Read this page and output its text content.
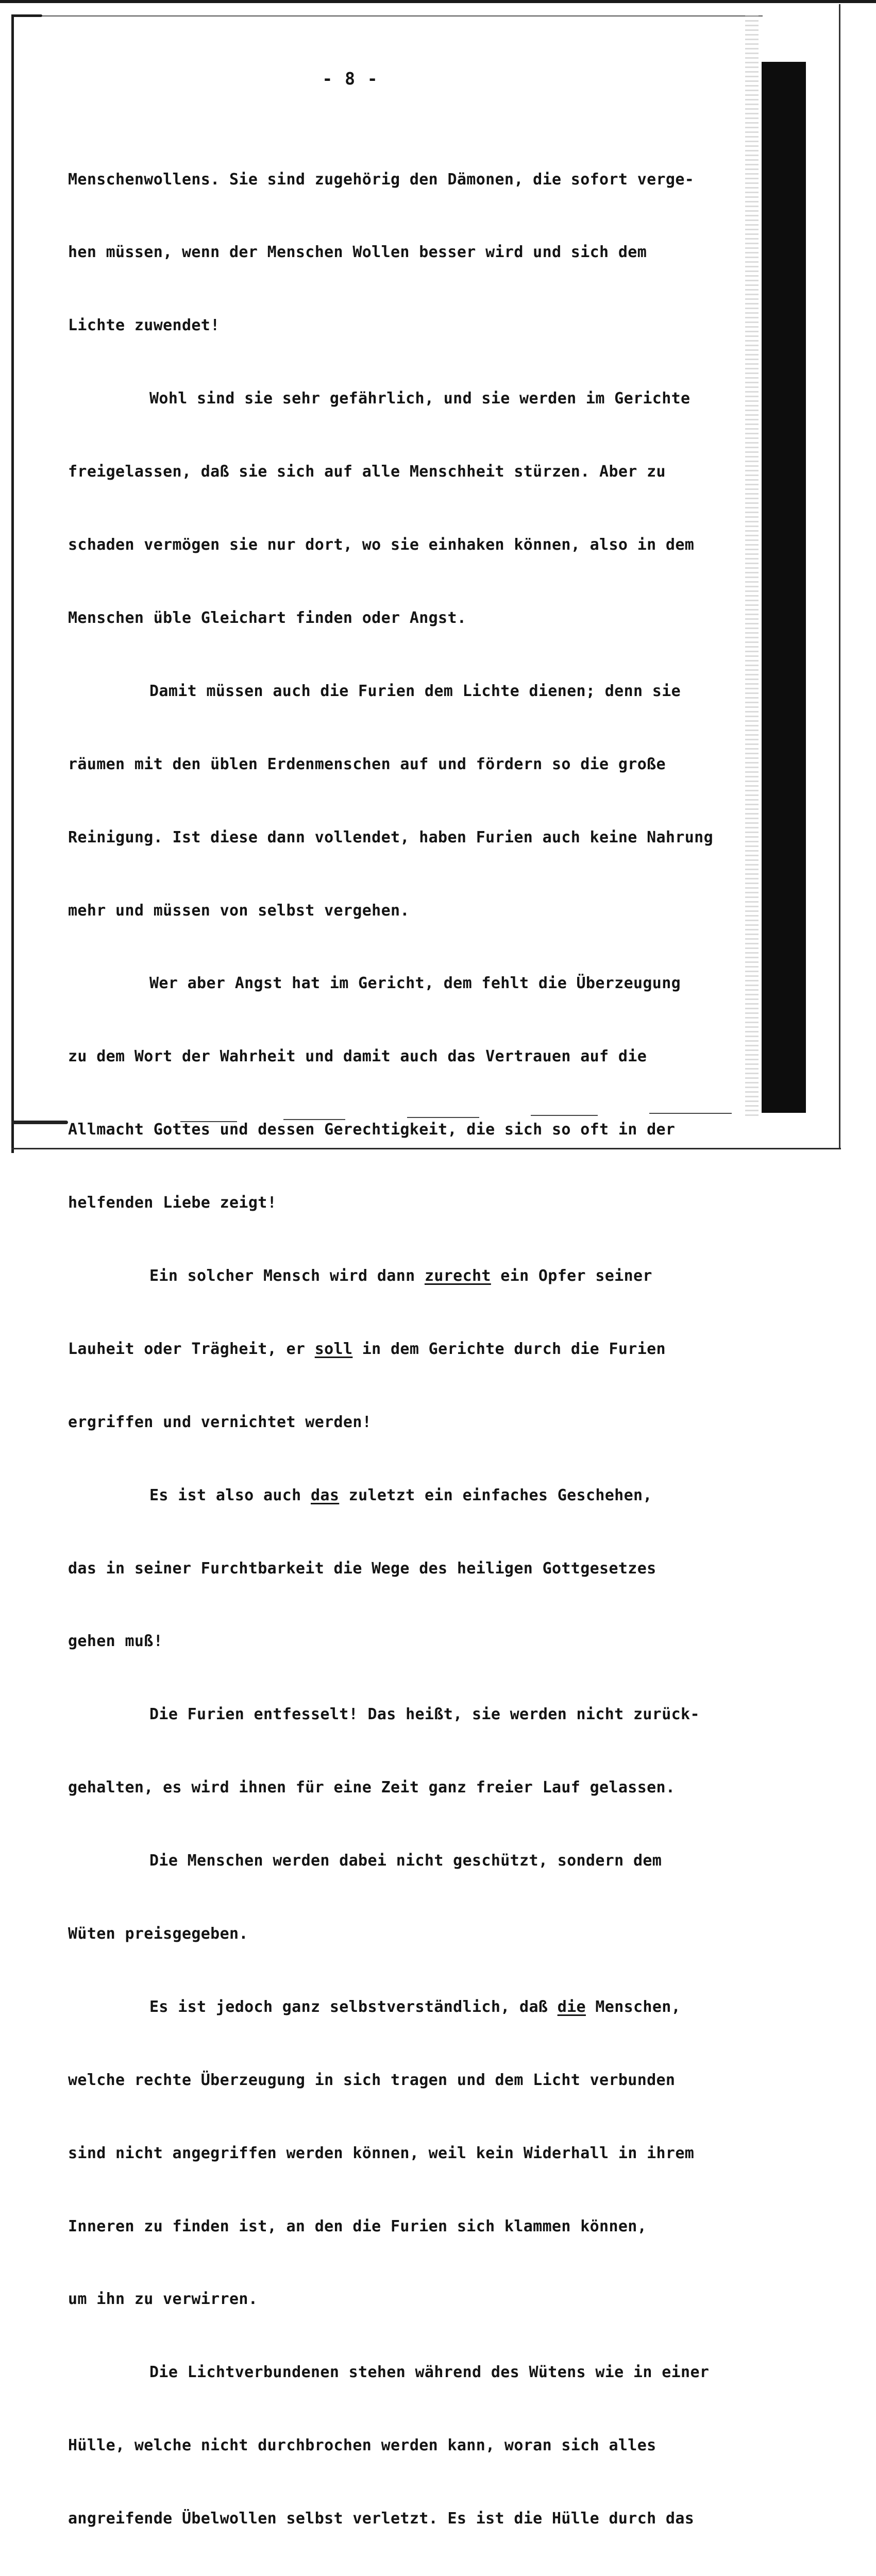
- 8 -

Menschenwollens. Sie sind zugehörig den Dämonen, die sofort verge-

hen müssen, wenn der Menschen Wollen besser wird und sich dem

Lichte zuwendet!

Wohl sind sie sehr gefährlich, und sie werden im Gerichte

freigelassen, daß sie sich auf alle Menschheit stürzen. Aber zu

schaden vermögen sie nur dort, wo sie einhaken können, also in dem

Menschen üble Gleichart finden oder Angst.

Damit müssen auch die Furien dem Lichte dienen; denn sie

räumen mit den üblen Erdenmenschen auf und fördern so die große

Reinigung. Ist diese dann vollendet, haben Furien auch keine Nahrung

mehr und müssen von selbst vergehen.

Wer aber Angst hat im Gericht, dem fehlt die Überzeugung

zu dem Wort der Wahrheit und damit auch das Vertrauen auf die

Allmacht Gottes und dessen Gerechtigkeit, die sich so oft in der

helfenden Liebe zeigt!

Ein solcher Mensch wird dann zurecht ein Opfer seiner

Lauheit oder Trägheit, er soll in dem Gerichte durch die Furien

ergriffen und vernichtet werden!

Es ist also auch das zuletzt ein einfaches Geschehen,

das in seiner Furchtbarkeit die Wege des heiligen Gottgesetzes

gehen muß!

Die Furien entfesselt! Das heißt, sie werden nicht zurück-

gehalten, es wird ihnen für eine Zeit ganz freier Lauf gelassen.

Die Menschen werden dabei nicht geschützt, sondern dem

Wüten preisgegeben.

Es ist jedoch ganz selbstverständlich, daß die Menschen,

welche rechte Überzeugung in sich tragen und dem Licht verbunden

sind nicht angegriffen werden können, weil kein Widerhall in ihrem

Inneren zu finden ist, an den die Furien sich klammen können,

um ihn zu verwirren.

Die Lichtverbundenen stehen während des Wütens wie in einer

Hülle, welche nicht durchbrochen werden kann, woran sich alles

angreifende Übelwollen selbst verletzt. Es ist die Hülle durch das
